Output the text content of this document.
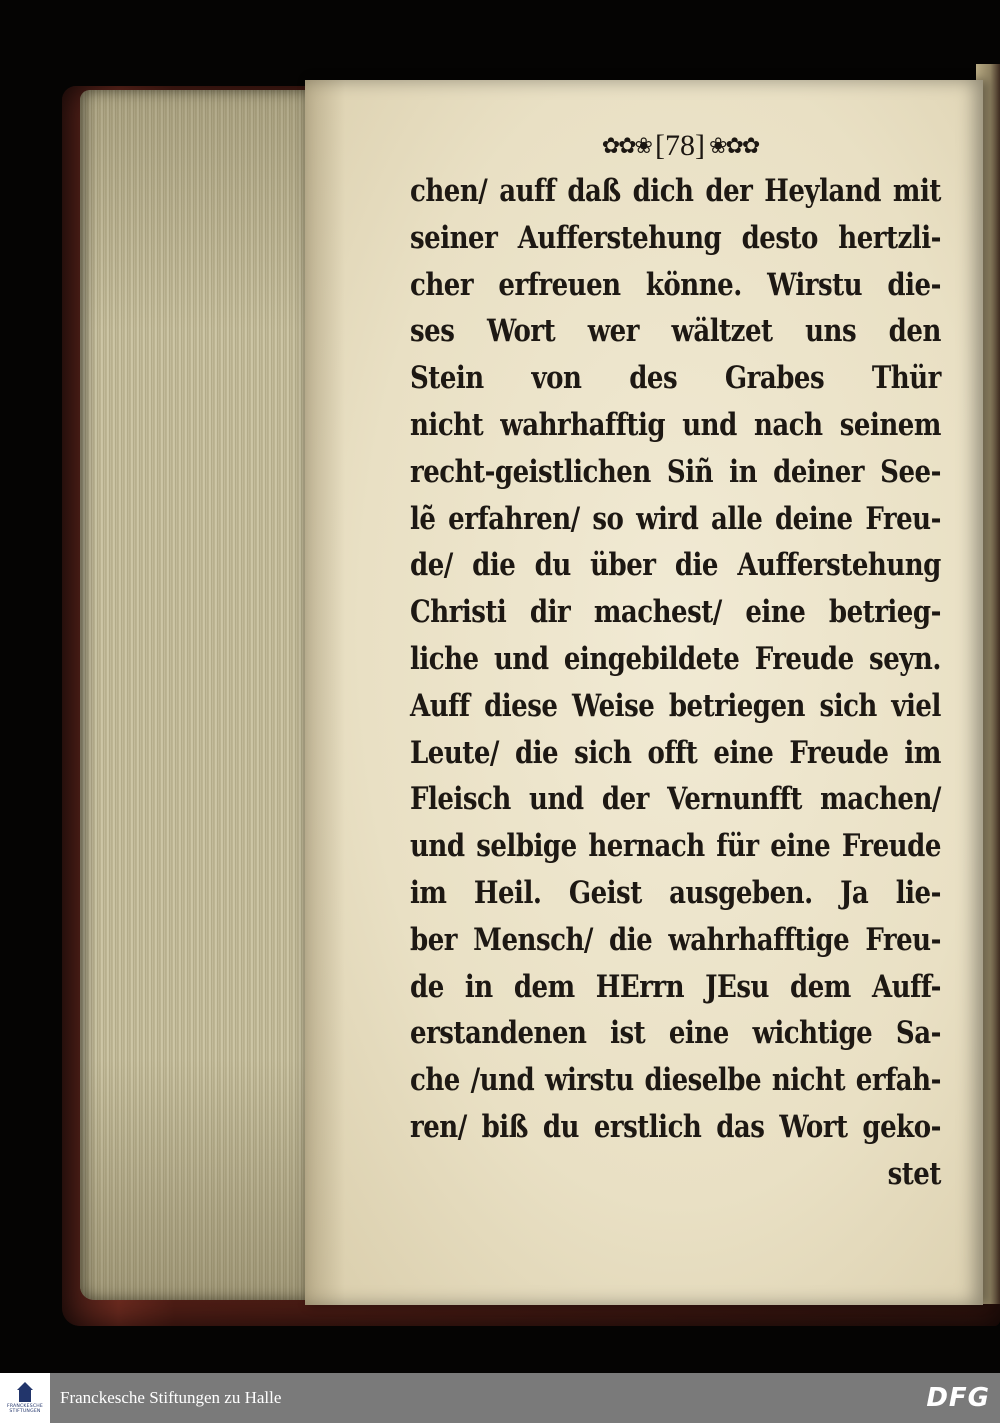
✿✿❀ [78] ❀✿✿
chen/ auff daß dich der Heyland mit
seiner Aufferstehung desto hertzli-
cher erfreuen könne. Wirstu die-
ses Wort wer wältzet uns den
Stein von des Grabes Thür
nicht wahrhafftig und nach seinem
recht-geistlichen Siñ in deiner See-
lẽ erfahren/ so wird alle deine Freu-
de/ die du über die Aufferstehung
Christi dir machest/ eine betrieg-
liche und eingebildete Freude seyn.
Auff diese Weise betriegen sich viel
Leute/ die sich offt eine Freude im
Fleisch und der Vernunfft machen/
und selbige hernach für eine Freude
im Heil. Geist ausgeben. Ja lie-
ber Mensch/ die wahrhafftige Freu-
de in dem HErrn JEsu dem Auff-
erstandenen ist eine wichtige Sa-
che /und wirstu dieselbe nicht erfah-
ren/ biß du erstlich das Wort geko-
stet
FRANCKESCHE
STIFTUNGEN
Franckesche Stiftungen zu Halle	DFG
